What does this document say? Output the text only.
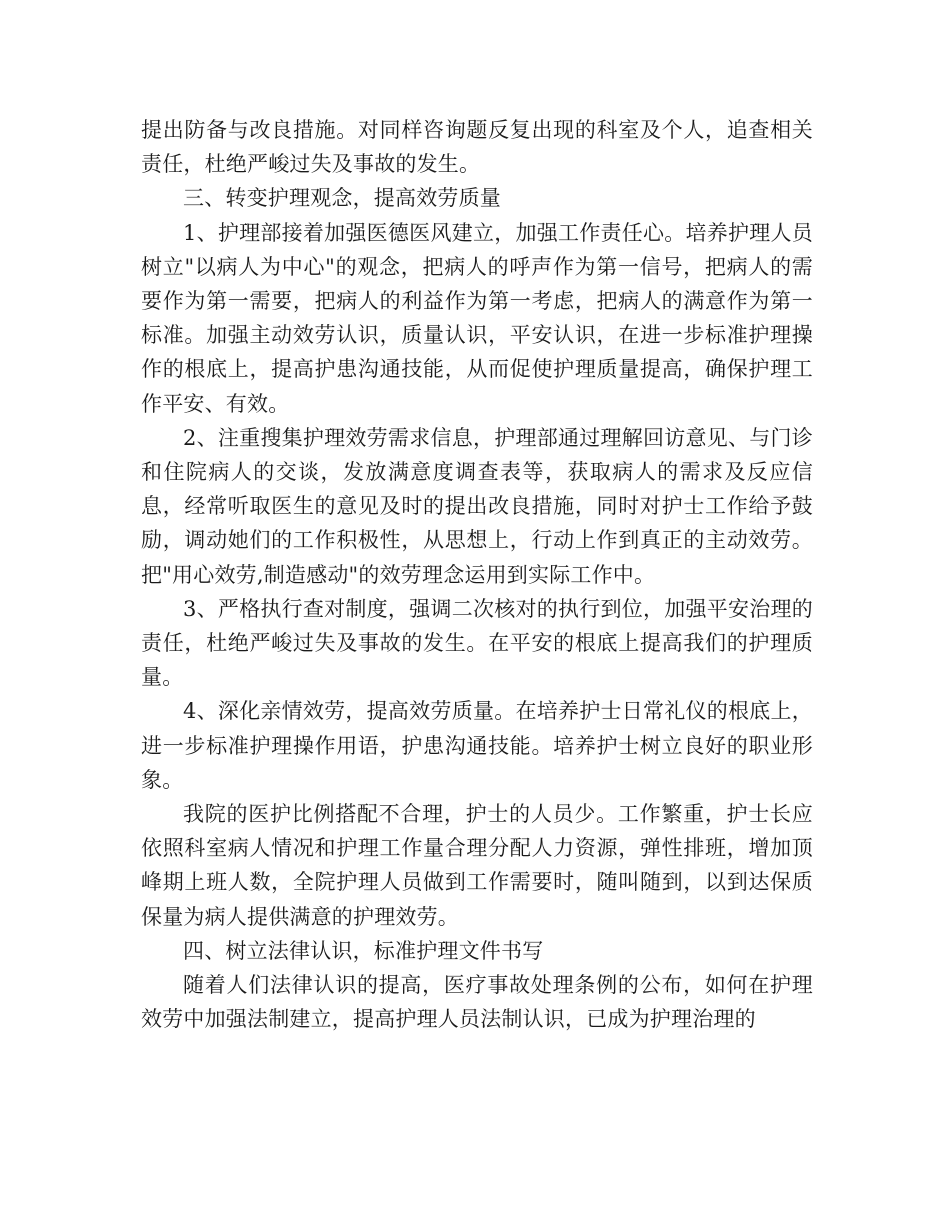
提出防备与改良措施。对同样咨询题反复出现的科室及个人，追查相关责任，杜绝严峻过失及事故的发生。

三、转变护理观念，提高效劳质量

1、护理部接着加强医德医风建立，加强工作责任心。培养护理人员树立"以病人为中心"的观念，把病人的呼声作为第一信号，把病人的需要作为第一需要，把病人的利益作为第一考虑，把病人的满意作为第一标准。加强主动效劳认识，质量认识，平安认识，在进一步标准护理操作的根底上，提高护患沟通技能，从而促使护理质量提高，确保护理工作平安、有效。

2、注重搜集护理效劳需求信息，护理部通过理解回访意见、与门诊和住院病人的交谈，发放满意度调查表等，获取病人的需求及反应信息，经常听取医生的意见及时的提出改良措施，同时对护士工作给予鼓励，调动她们的工作积极性，从思想上，行动上作到真正的主动效劳。把"用心效劳,制造感动"的效劳理念运用到实际工作中。

3、严格执行查对制度，强调二次核对的执行到位，加强平安治理的责任，杜绝严峻过失及事故的发生。在平安的根底上提高我们的护理质量。

4、深化亲情效劳，提高效劳质量。在培养护士日常礼仪的根底上，进一步标准护理操作用语，护患沟通技能。培养护士树立良好的职业形象。

我院的医护比例搭配不合理，护士的人员少。工作繁重，护士长应依照科室病人情况和护理工作量合理分配人力资源，弹性排班，增加顶峰期上班人数，全院护理人员做到工作需要时，随叫随到，以到达保质保量为病人提供满意的护理效劳。

四、树立法律认识，标准护理文件书写

随着人们法律认识的提高，医疗事故处理条例的公布，如何在护理效劳中加强法制建立，提高护理人员法制认识，已成为护理治理的
